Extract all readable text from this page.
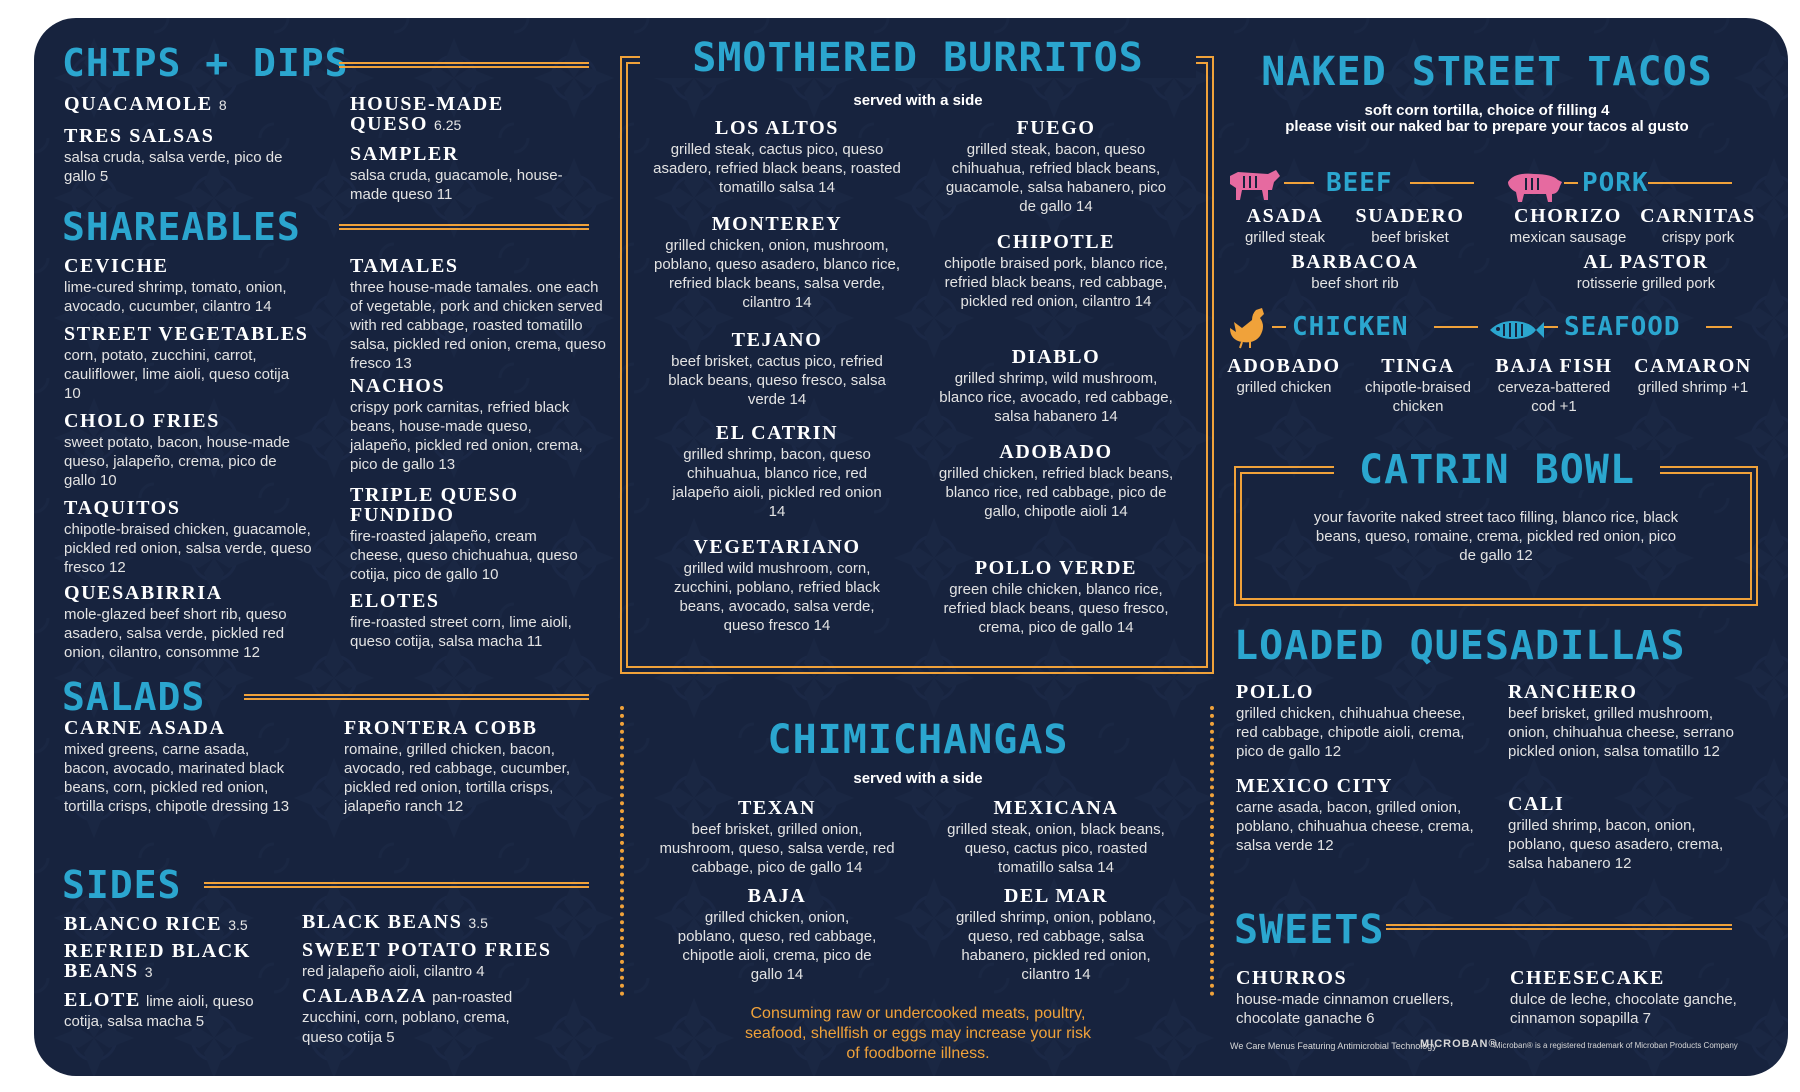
CHIPS + DIPS
QUACAMOLE 8
TRES SALSAS
salsa cruda, salsa verde, pico de gallo 5
HOUSE-MADE QUESO 6.25
SAMPLER
salsa cruda, guacamole, house-made queso 11
SHAREABLES
CEVICHE
lime-cured shrimp, tomato, onion, avocado, cucumber, cilantro 14
STREET VEGETABLES
corn, potato, zucchini, carrot, cauliflower, lime aioli, queso cotija 10
CHOLO FRIES
sweet potato, bacon, house-made queso, jalapeño, crema, pico de gallo 10
TAQUITOS
chipotle-braised chicken, guacamole, pickled red onion, salsa verde, queso fresco 12
QUESABIRRIA
mole-glazed beef short rib, queso asadero, salsa verde, pickled red onion, cilantro, consomme 12
TAMALES
three house-made tamales. one each of vegetable, pork and chicken served with red cabbage, roasted tomatillo salsa, pickled red onion, crema, queso fresco 13
NACHOS
crispy pork carnitas, refried black beans, house-made queso, jalapeño, pickled red onion, crema, pico de gallo 13
TRIPLE QUESO FUNDIDO
fire-roasted jalapeño, cream cheese, queso chichuahua, queso cotija, pico de gallo 10
ELOTES
fire-roasted street corn, lime aioli, queso cotija, salsa macha 11
SALADS
CARNE ASADA
mixed greens, carne asada, bacon, avocado, marinated black beans, corn, pickled red onion, tortilla crisps, chipotle dressing 13
FRONTERA COBB
romaine, grilled chicken, bacon, avocado, red cabbage, cucumber, pickled red onion, tortilla crisps, jalapeño ranch 12
SIDES
BLANCO RICE 3.5
REFRIED BLACK BEANS 3
ELOTE lime aioli, queso cotija, salsa macha 5
BLACK BEANS 3.5
SWEET POTATO FRIES
red jalapeño aioli, cilantro 4
CALABAZA pan-roasted zucchini, corn, poblano, crema, queso cotija 5
SMOTHERED BURRITOS
served with a side
LOS ALTOS
grilled steak, cactus pico, queso asadero, refried black beans, roasted tomatillo salsa 14
MONTEREY
grilled chicken, onion, mushroom, poblano, queso asadero, blanco rice, refried black beans, salsa verde, cilantro 14
TEJANO
beef brisket, cactus pico, refried black beans, queso fresco, salsa verde 14
EL CATRIN
grilled shrimp, bacon, queso chihuahua, blanco rice, red jalapeño aioli, pickled red onion 14
VEGETARIANO
grilled wild mushroom, corn, zucchini, poblano, refried black beans, avocado, salsa verde, queso fresco 14
FUEGO
grilled steak, bacon, queso chihuahua, refried black beans, guacamole, salsa habanero, pico de gallo 14
CHIPOTLE
chipotle braised pork, blanco rice, refried black beans, red cabbage, pickled red onion, cilantro 14
DIABLO
grilled shrimp, wild mushroom, blanco rice, avocado, red cabbage, salsa habanero 14
ADOBADO
grilled chicken, refried black beans, blanco rice, red cabbage, pico de gallo, chipotle aioli 14
POLLO VERDE
green chile chicken, blanco rice, refried black beans, queso fresco, crema, pico de gallo 14
CHIMICHANGAS
served with a side
TEXAN
beef brisket, grilled onion, mushroom, queso, salsa verde, red cabbage, pico de gallo 14
BAJA
grilled chicken, onion, poblano, queso, red cabbage, chipotle aioli, crema, pico de gallo 14
MEXICANA
grilled steak, onion, black beans, queso, cactus pico, roasted tomatillo salsa 14
DEL MAR
grilled shrimp, onion, poblano, queso, red cabbage, salsa habanero, pickled red onion, cilantro 14
Consuming raw or undercooked meats, poultry, seafood, shellfish or eggs may increase your risk of foodborne illness.
NAKED STREET TACOS
soft corn tortilla, choice of filling 4
please visit our naked bar to prepare your tacos al gusto
BEEF
ASADA
grilled steak
SUADERO
beef brisket
BARBACOA
beef short rib
PORK
CHORIZO
mexican sausage
CARNITAS
crispy pork
AL PASTOR
rotisserie grilled pork
CHICKEN
ADOBADO
grilled chicken
TINGA
chipotle-braised chicken
SEAFOOD
BAJA FISH
cerveza-battered cod +1
CAMARON
grilled shrimp +1
CATRIN BOWL
your favorite naked street taco filling, blanco rice, black beans, queso, romaine, crema, pickled red onion, pico de gallo 12
LOADED QUESADILLAS
POLLO
grilled chicken, chihuahua cheese, red cabbage, chipotle aioli, crema, pico de gallo 12
MEXICO CITY
carne asada, bacon, grilled onion, poblano, chihuahua cheese, crema, salsa verde 12
RANCHERO
beef brisket, grilled mushroom, onion, chihuahua cheese, serrano pickled onion, salsa tomatillo 12
CALI
grilled shrimp, bacon, onion, poblano, queso asadero, crema, salsa habanero 12
SWEETS
CHURROS
house-made cinnamon cruellers, chocolate ganache 6
CHEESECAKE
dulce de leche, chocolate ganche, cinnamon sopapilla 7
We Care Menus Featuring Antimicrobial Technology
MICROBAN®
Microban® is a registered trademark of Microban Products Company
